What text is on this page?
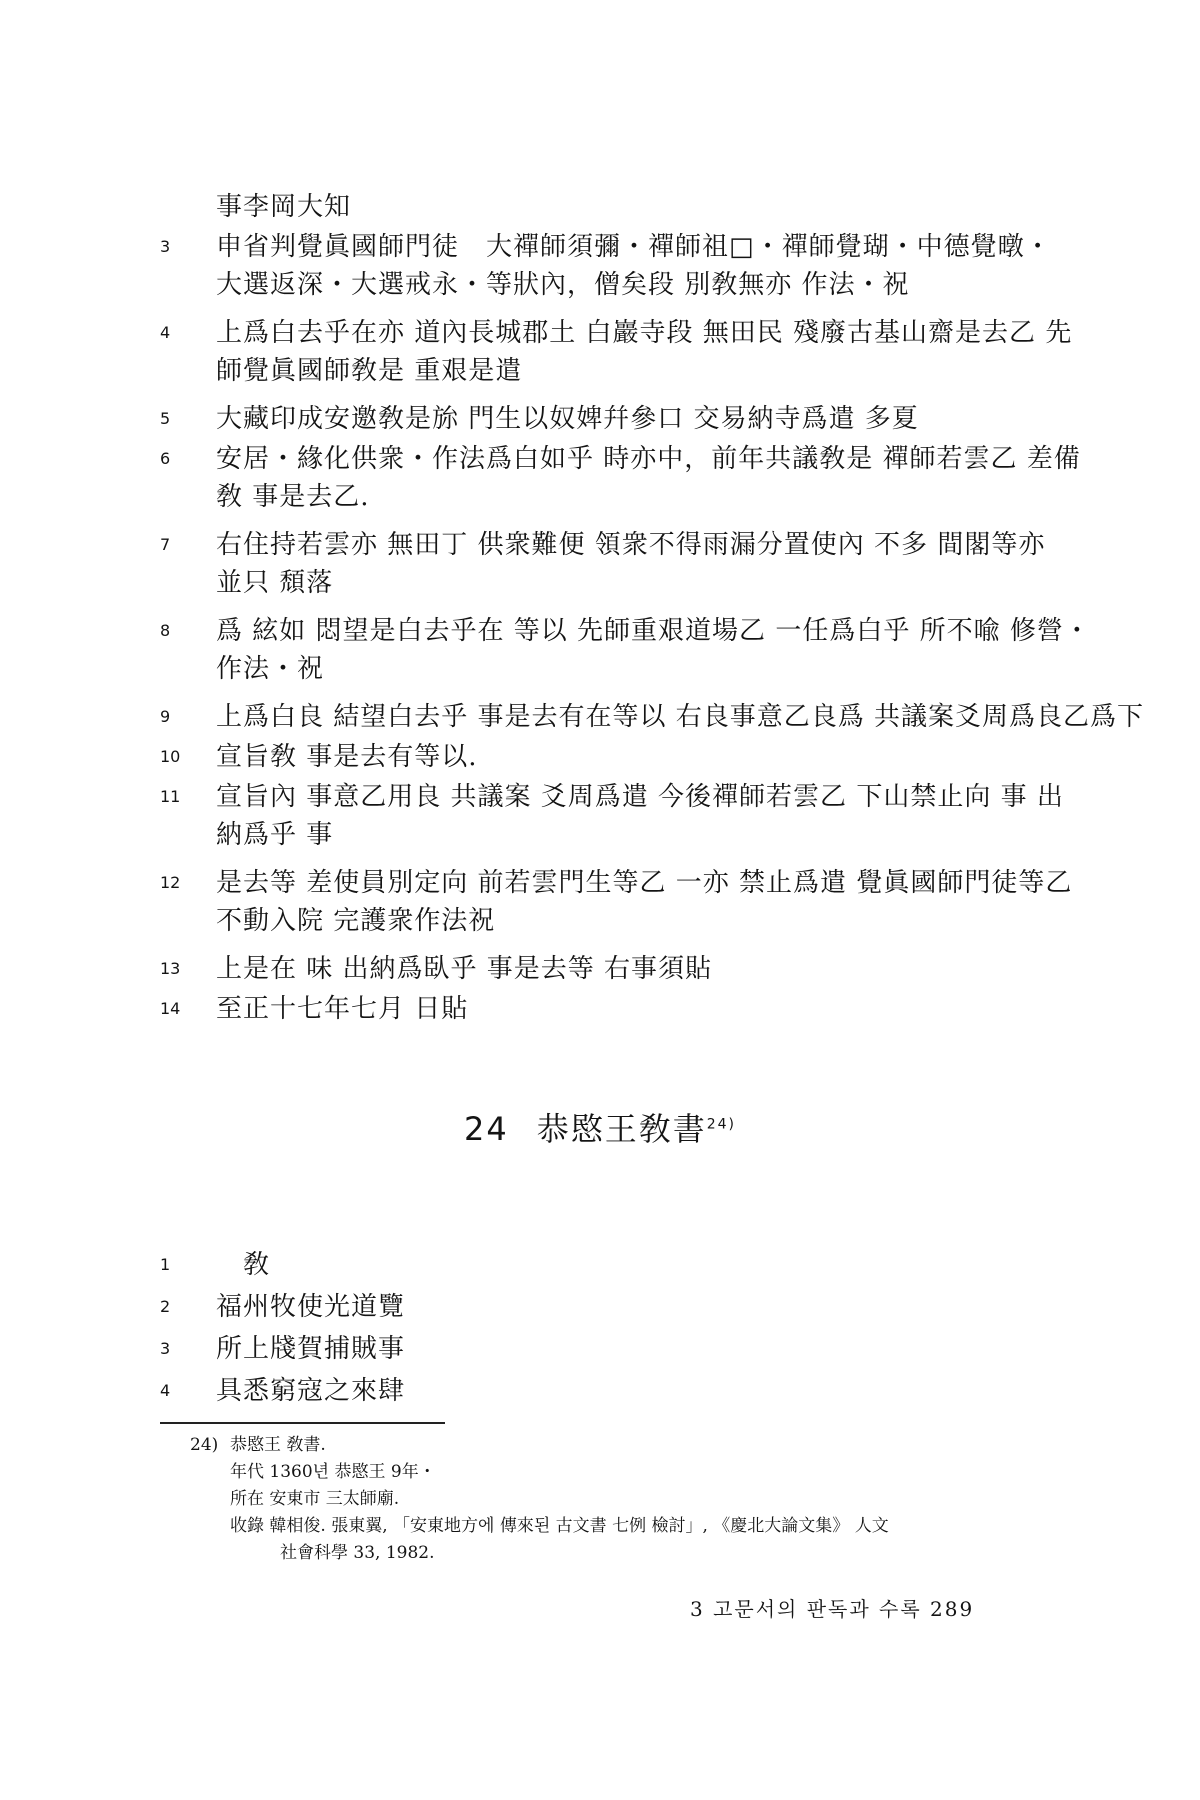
事李岡大知
3	申省判覺眞國師門徒　大禪師須彌・禪師祖□・禪師覺瑚・中德覺暾・
大選返深・大選戒永・等狀內，僧矣段 別敎無亦 作法・祝
4	上爲白去乎在亦 道內長城郡土 白巖寺段 無田民 殘廢古基山齋是去乙 先
師覺眞國師敎是 重艰是遣
5	大藏印成安邀敎是旀 門生以奴婢幷參口 交易納寺爲遣 多夏
6	安居・緣化供衆・作法爲白如乎 時亦中，前年共議敎是 禪師若雲乙 差備
敎 事是去乙.
7	右住持若雲亦 無田丁 供衆難便 領衆不得雨漏分置使內 不多 間閣等亦
並只 頹落
8	爲 絃如 悶望是白去乎在 等以 先師重艰道場乙 一任爲白乎 所不喩 修營・
作法・祝
9	上爲白良 結望白去乎 事是去有在等以 右良事意乙良爲 共議案爻周爲良乙爲下
10	宣旨敎 事是去有等以.
11	宣旨內 事意乙用良 共議案 爻周爲遣 今後禪師若雲乙 下山禁止向 事 出
納爲乎 事
12	是去等 差使員別定向 前若雲門生等乙 一亦 禁止爲遣 覺眞國師門徒等乙
不動入院 完護衆作法祝
13	上是在 味 出納爲臥乎 事是去等 右事須貼
14	至正十七年七月 日貼
24 恭愍王敎書$^{24)}$
1	　敎
2	福州牧使光道覽
3	所上牋賀捕賊事
4	具悉窮寇之來肆
24) 恭愍王 敎書.
年代 1360년 恭愍王 9年・
所在 安東市 三太師廟.
收錄 韓相俊. 張東翼, 「安東地方에 傳來된 古文書 七例 檢討」, 《慶北大論文集》 人文
社會科學 33, 1982.
3 고문서의 판독과 수록 289
